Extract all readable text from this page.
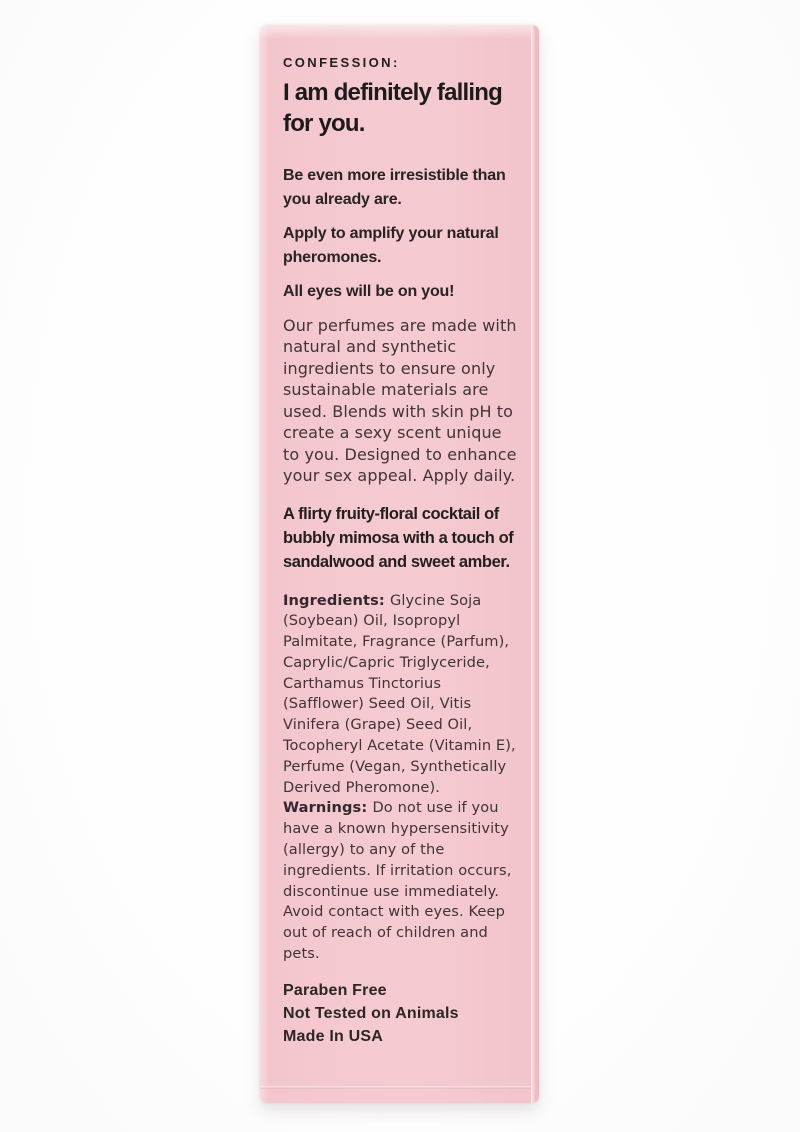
CONFESSION:
I am definitely falling for you.

Be even more irresistible than you already are.

Apply to amplify your natural pheromones.

All eyes will be on you!

Our perfumes are made with natural and synthetic ingredients to ensure only sustainable materials are used. Blends with skin pH to create a sexy scent unique to you. Designed to enhance your sex appeal. Apply daily.

A flirty fruity-floral cocktail of bubbly mimosa with a touch of sandalwood and sweet amber.

Ingredients: Glycine Soja (Soybean) Oil, Isopropyl Palmitate, Fragrance (Parfum), Caprylic/Capric Triglyceride, Carthamus Tinctorius (Safflower) Seed Oil, Vitis Vinifera (Grape) Seed Oil, Tocopheryl Acetate (Vitamin E), Perfume (Vegan, Synthetically Derived Pheromone).

Warnings: Do not use if you have a known hypersensitivity (allergy) to any of the ingredients. If irritation occurs, discontinue use immediately. Avoid contact with eyes. Keep out of reach of children and pets.

Paraben Free
Not Tested on Animals
Made In USA
